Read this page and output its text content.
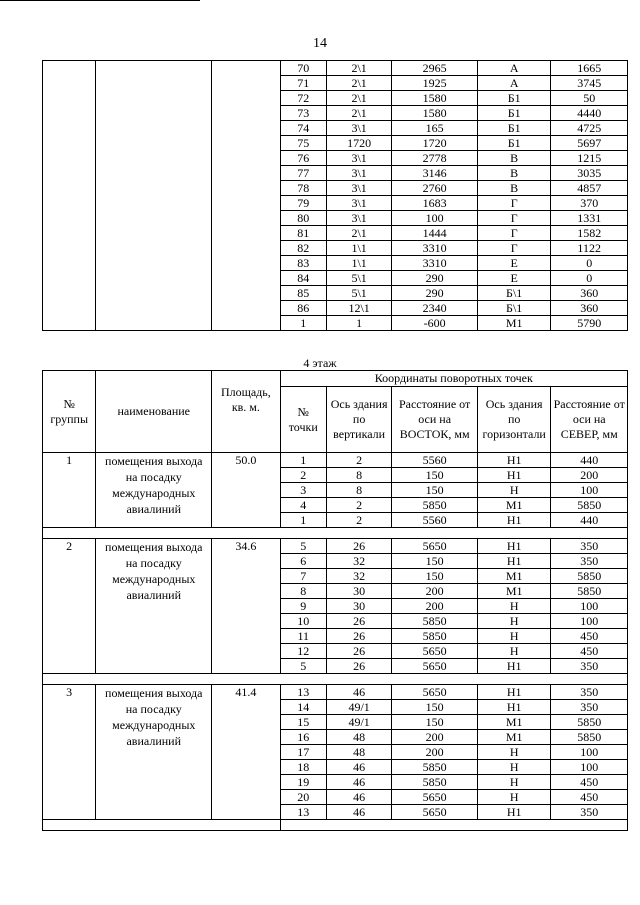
14
			70	2\1	2965	А	1665
			71	2\1	1925	А	3745
			72	2\1	1580	Б1	50
			73	2\1	1580	Б1	4440
			74	3\1	165	Б1	4725
			75	1720	1720	Б1	5697
			76	3\1	2778	В	1215
			77	3\1	3146	В	3035
			78	3\1	2760	В	4857
			79	3\1	1683	Г	370
			80	3\1	100	Г	1331
			81	2\1	1444	Г	1582
			82	1\1	3310	Г	1122
			83	1\1	3310	Е	0
			84	5\1	290	Е	0
			85	5\1	290	Б\1	360
			86	12\1	2340	Б\1	360
			1	1	-600	М1	5790
4 этаж
№ группы	наименование	Площадь, кв. м.	Координаты поворотных точек				
			№ точки	Ось здания по вертикали	Расстояние от оси на ВОСТОК, мм	Ось здания по горизонтали	Расстояние от оси на СЕВЕР, мм
1	помещения выхода на посадку международных авиалиний	50.0	1	2	5560	Н1	440
			2	8	150	Н1	200
			3	8	150	Н	100
			4	2	5850	М1	5850
			1	2	5560	Н1	440

2	помещения выхода на посадку международных авиалиний	34.6	5	26	5650	Н1	350
			6	32	150	Н1	350
			7	32	150	М1	5850
			8	30	200	М1	5850
			9	30	200	Н	100
			10	26	5850	Н	100
			11	26	5850	Н	450
			12	26	5650	Н	450
			5	26	5650	Н1	350

3	помещения выхода на посадку международных авиалиний	41.4	13	46	5650	Н1	350
			14	49/1	150	Н1	350
			15	49/1	150	М1	5850
			16	48	200	М1	5850
			17	48	200	Н	100
			18	46	5850	Н	100
			19	46	5850	Н	450
			20	46	5650	Н	450
			13	46	5650	Н1	350
